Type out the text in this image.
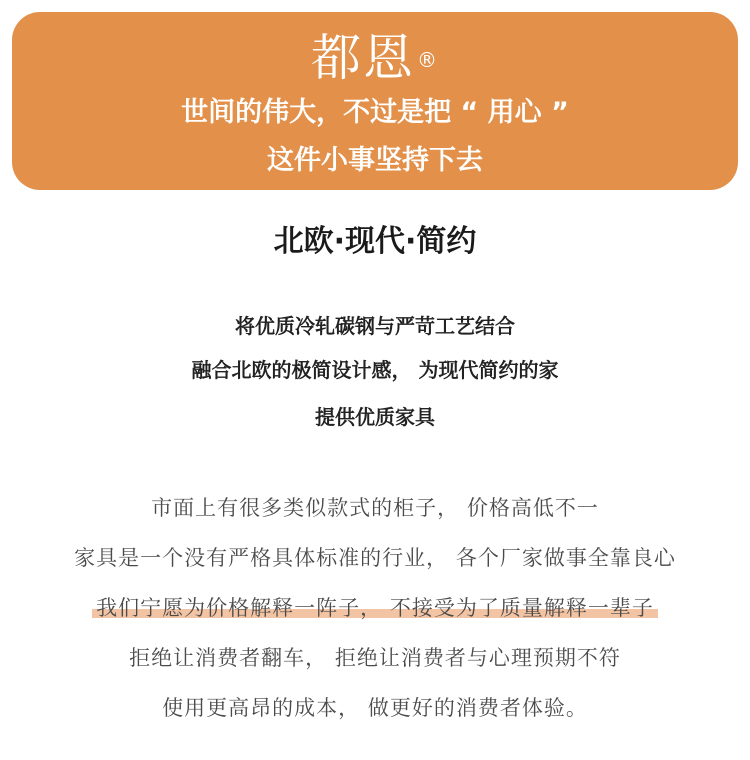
都恩 ®
世间的伟大，不过是把 “ 用心 ”
这件小事坚持下去
北欧·现代·简约
将优质冷轧碳钢与严苛工艺结合
融合北欧的极简设计感， 为现代简约的家
提供优质家具
市面上有很多类似款式的柜子， 价格高低不一
家具是一个没有严格具体标准的行业， 各个厂家做事全靠良心
我们宁愿为价格解释一阵子， 不接受为了质量解释一辈子
拒绝让消费者翻车， 拒绝让消费者与心理预期不符
使用更高昂的成本， 做更好的消费者体验。
